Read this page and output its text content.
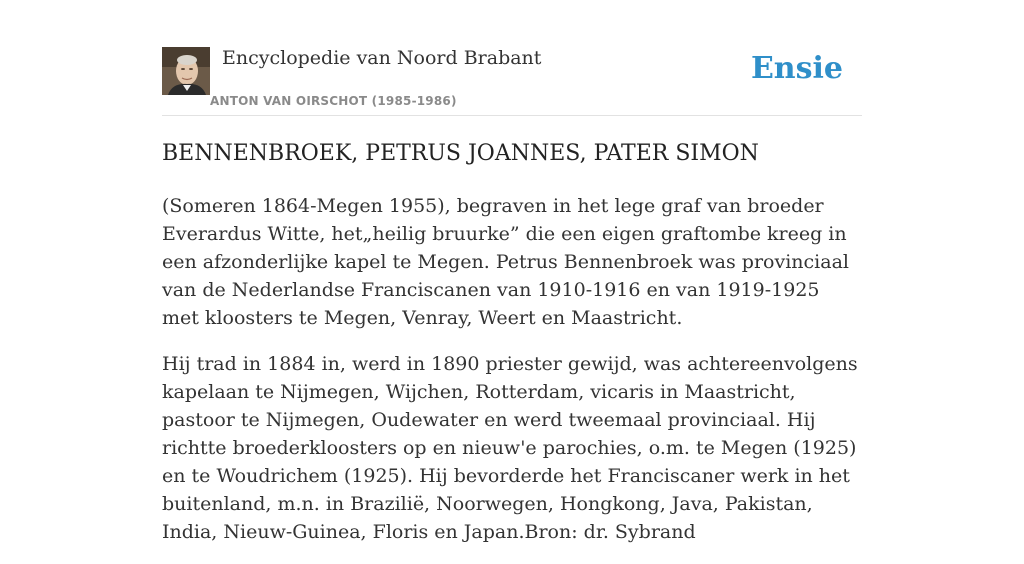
Encyclopedie van Noord Brabant
ANTON VAN OIRSCHOT (1985-1986)
Ensie
BENNENBROEK, PETRUS JOANNES, PATER SIMON

(Someren 1864-Megen 1955), begraven in het lege graf van broeder Everardus Witte, het„heilig bruurke” die een eigen graftombe kreeg in een afzonderlijke kapel te Megen. Petrus Bennenbroek was provinciaal van de Nederlandse Franciscanen van 1910-1916 en van 1919-1925 met kloosters te Megen, Venray, Weert en Maastricht.

Hij trad in 1884 in, werd in 1890 priester gewijd, was achtereenvolgens kapelaan te Nijmegen, Wijchen, Rotterdam, vicaris in Maastricht, pastoor te Nijmegen, Oudewater en werd tweemaal provinciaal. Hij richtte broederkloosters op en nieuw'e parochies, o.m. te Megen (1925) en te Woudrichem (1925). Hij bevorderde het Franciscaner werk in het buitenland, m.n. in Brazilië, Noorwegen, Hongkong, Java, Pakistan, India, Nieuw-Guinea, Floris en Japan.Bron: dr. Sybrand
